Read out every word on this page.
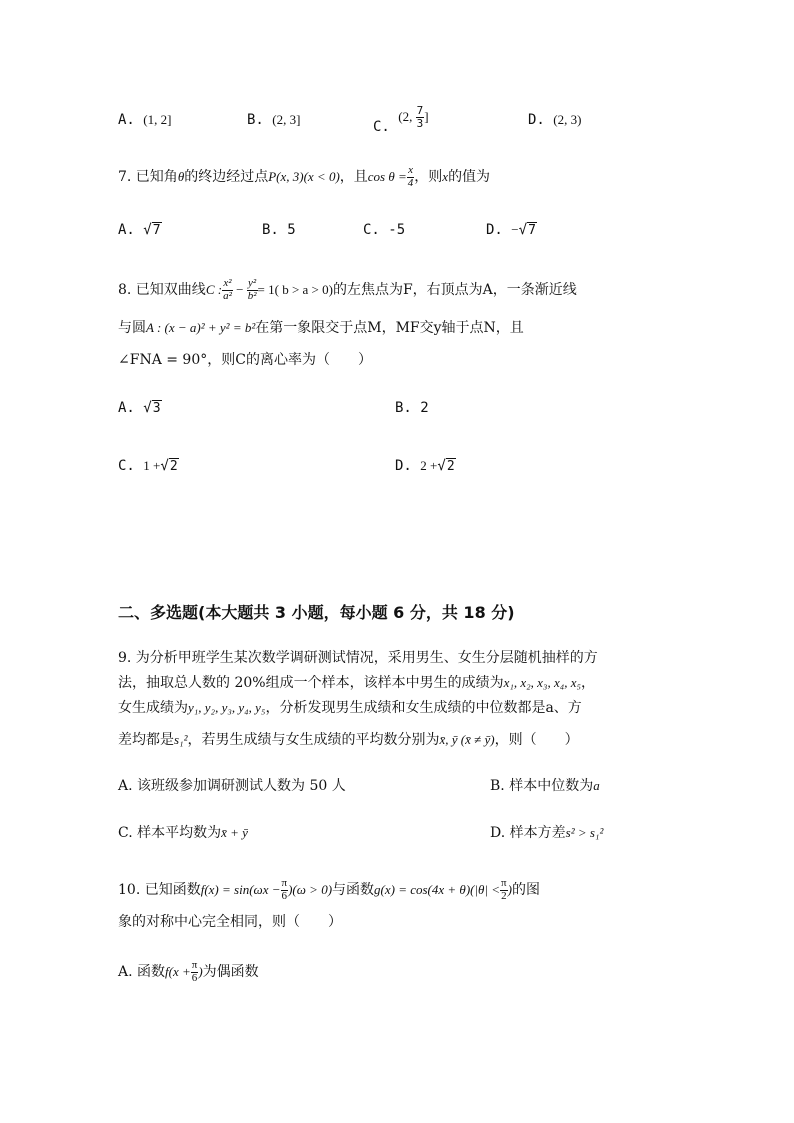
A. (1, 2]	B. (2, 3]	C. (2, $\frac{7}{3}$ ]	D. (2, 3)
7. 已知角θ的终边经过点P(x, 3)(x < 0)，且$\cos \theta = \frac{x}{4}$ ，则x的值为
A. √7	B. 5	C. -5	D. −√7
8. 已知双曲线C : $\frac{\text{x²}}{\text{a²}} - \frac{\text{y²}}{\text{b²}} = 1$( b > a > 0)的左焦点为F，右顶点为A，一条渐近线
与圆A : (x − a)² + y² = b²在第一象限交于点M，MF交y轴于点N，且
∠FNA = 90°，则C的离心率为（　　）
A. √3	B. 2
C. 1 +√2	D. 2 +√2
二、多选题(本大题共 3 小题，每小题 6 分，共 18 分)
9. 为分析甲班学生某次数学调研测试情况，采用男生、女生分层随机抽样的方
法，抽取总人数的 20%组成一个样本，该样本中男生的成绩为x₁, x₂, x₃, x₄, x₅，
女生成绩为y₁, y₂, y₃, y₄, y₅，分析发现男生成绩和女生成绩的中位数都是a、方
差均都是s₁²，若男生成绩与女生成绩的平均数分别为x̄, ȳ (x̄ ≠ ȳ)，则（　　）
A. 该班级参加调研测试人数为 50 人	B. 样本中位数为a
C. 样本平均数为x̄ + ȳ	D. 样本方差s² > s₁²
10. 已知函数$f(x) = \sin(\omega x - \frac{\pi}{6} )(\omega > 0)$与函数$g(x) = \cos(4x + \theta)(|\theta| < \frac{\pi}{2}$ )的图
象的对称中心完全相同，则（　　）
A. 函数$f(x + \frac{\pi}{6}$ )为偶函数
